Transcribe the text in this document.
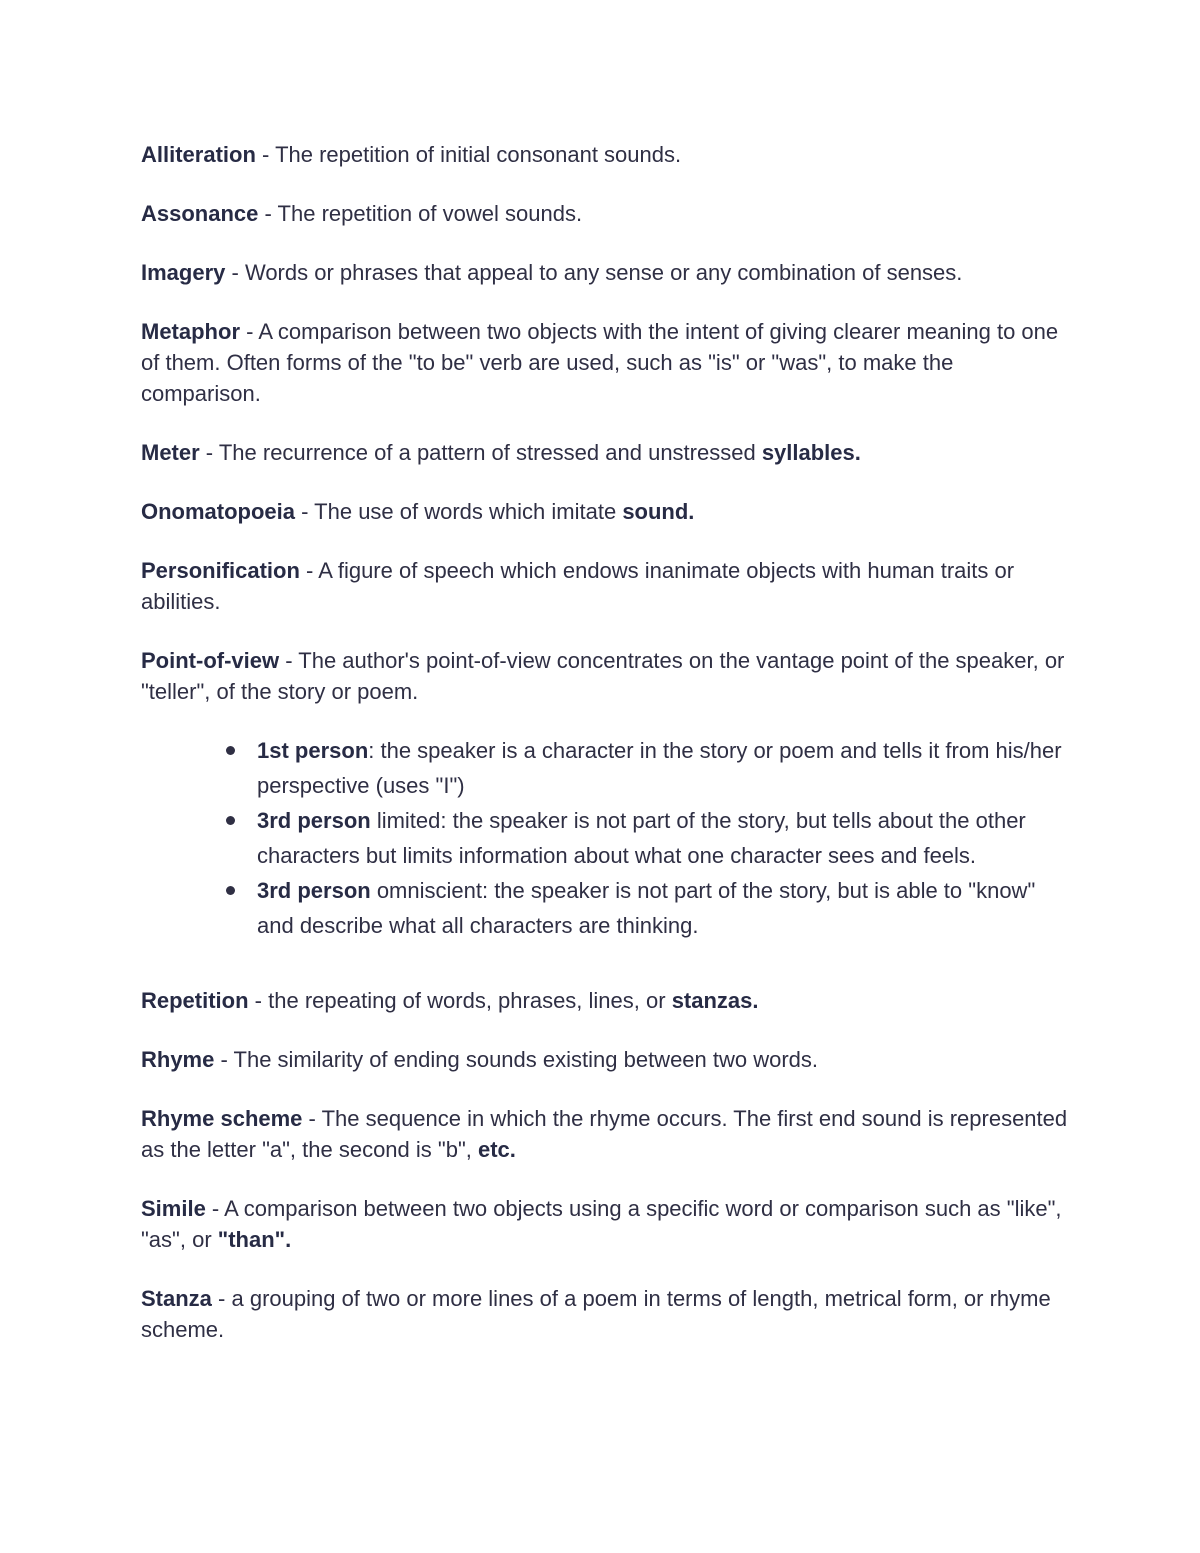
Alliteration - The repetition of initial consonant sounds.

Assonance - The repetition of vowel sounds.

Imagery - Words or phrases that appeal to any sense or any combination of senses.

Metaphor - A comparison between two objects with the intent of giving clearer meaning to one of them. Often forms of the "to be" verb are used, such as "is" or "was", to make the comparison.

Meter - The recurrence of a pattern of stressed and unstressed syllables.

Onomatopoeia - The use of words which imitate sound.

Personification - A figure of speech which endows inanimate objects with human traits or abilities.

Point-of-view - The author's point-of-view concentrates on the vantage point of the speaker, or "teller", of the story or poem.

1st person: the speaker is a character in the story or poem and tells it from his/her perspective (uses "I")
3rd person limited: the speaker is not part of the story, but tells about the other characters but limits information about what one character sees and feels.
3rd person omniscient: the speaker is not part of the story, but is able to "know" and describe what all characters are thinking.

Repetition - the repeating of words, phrases, lines, or stanzas.

Rhyme - The similarity of ending sounds existing between two words.

Rhyme scheme - The sequence in which the rhyme occurs. The first end sound is represented as the letter "a", the second is "b", etc.

Simile - A comparison between two objects using a specific word or comparison such as "like", "as", or "than".

Stanza - a grouping of two or more lines of a poem in terms of length, metrical form, or rhyme scheme.
